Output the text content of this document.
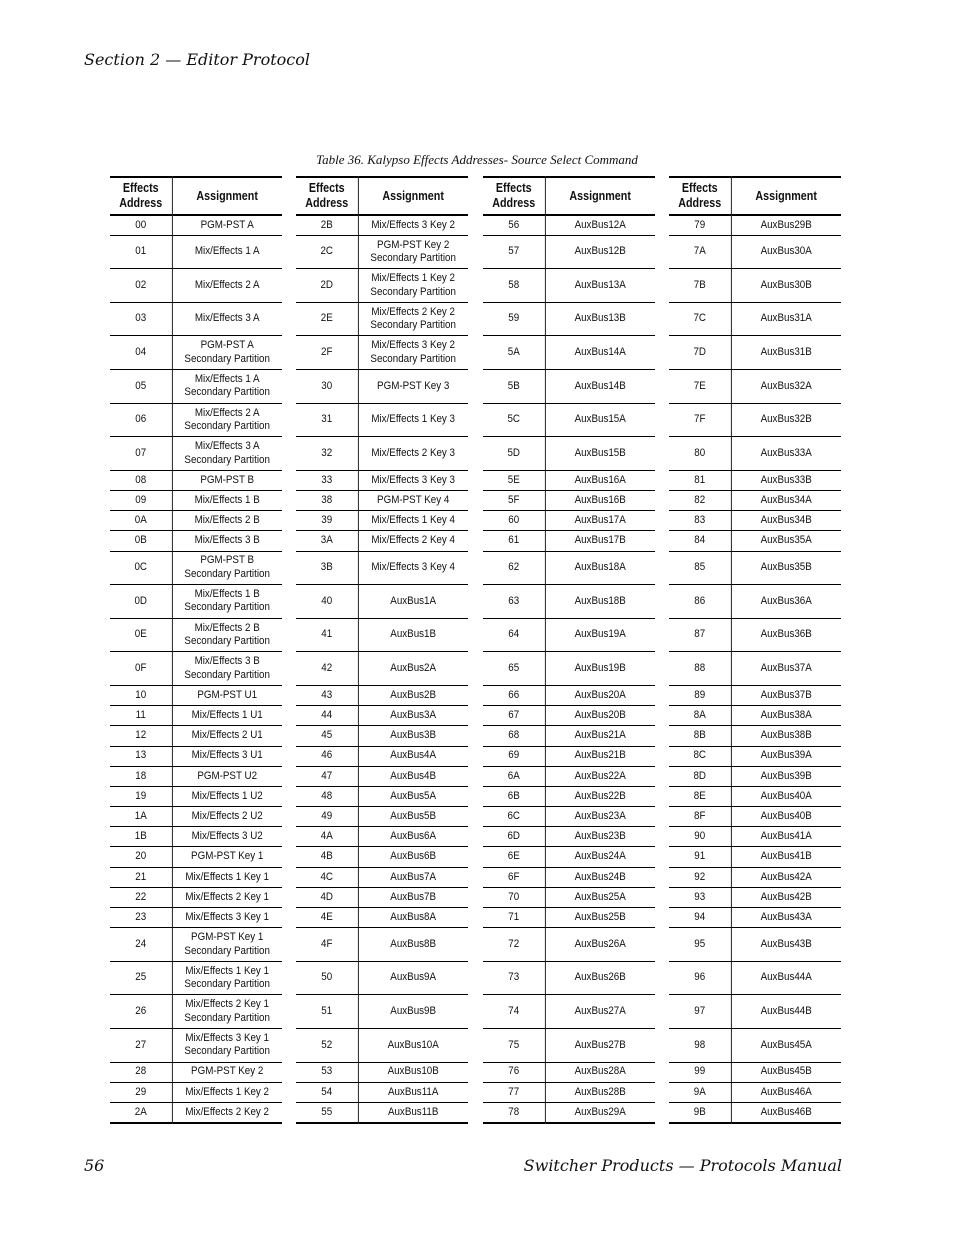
Section 2 — Editor Protocol
Table 36. Kalypso Effects Addresses- Source Select Command
Effects
Address	Assignment
00	PGM-PST A
01	Mix/Effects 1 A
02	Mix/Effects 2 A
03	Mix/Effects 3 A
04	PGM-PST A
Secondary Partition
05	Mix/Effects 1 A
Secondary Partition
06	Mix/Effects 2 A
Secondary Partition
07	Mix/Effects 3 A
Secondary Partition
08	PGM-PST B
09	Mix/Effects 1 B
0A	Mix/Effects 2 B
0B	Mix/Effects 3 B
0C	PGM-PST B
Secondary Partition
0D	Mix/Effects 1 B
Secondary Partition
0E	Mix/Effects 2 B
Secondary Partition
0F	Mix/Effects 3 B
Secondary Partition
10	PGM-PST U1
11	Mix/Effects 1 U1
12	Mix/Effects 2 U1
13	Mix/Effects 3 U1
18	PGM-PST U2
19	Mix/Effects 1 U2
1A	Mix/Effects 2 U2
1B	Mix/Effects 3 U2
20	PGM-PST Key 1
21	Mix/Effects 1 Key 1
22	Mix/Effects 2 Key 1
23	Mix/Effects 3 Key 1
24	PGM-PST Key 1
Secondary Partition
25	Mix/Effects 1 Key 1
Secondary Partition
26	Mix/Effects 2 Key 1
Secondary Partition
27	Mix/Effects 3 Key 1
Secondary Partition
28	PGM-PST Key 2
29	Mix/Effects 1 Key 2
2A	Mix/Effects 2 Key 2
Effects
Address	Assignment
2B	Mix/Effects 3 Key 2
2C	PGM-PST Key 2
Secondary Partition
2D	Mix/Effects 1 Key 2
Secondary Partition
2E	Mix/Effects 2 Key 2
Secondary Partition
2F	Mix/Effects 3 Key 2
Secondary Partition
30	PGM-PST Key 3
31	Mix/Effects 1 Key 3
32	Mix/Effects 2 Key 3
33	Mix/Effects 3 Key 3
38	PGM-PST Key 4
39	Mix/Effects 1 Key 4
3A	Mix/Effects 2 Key 4
3B	Mix/Effects 3 Key 4
40	AuxBus1A
41	AuxBus1B
42	AuxBus2A
43	AuxBus2B
44	AuxBus3A
45	AuxBus3B
46	AuxBus4A
47	AuxBus4B
48	AuxBus5A
49	AuxBus5B
4A	AuxBus6A
4B	AuxBus6B
4C	AuxBus7A
4D	AuxBus7B
4E	AuxBus8A
4F	AuxBus8B
50	AuxBus9A
51	AuxBus9B
52	AuxBus10A
53	AuxBus10B
54	AuxBus11A
55	AuxBus11B
Effects
Address	Assignment
56	AuxBus12A
57	AuxBus12B
58	AuxBus13A
59	AuxBus13B
5A	AuxBus14A
5B	AuxBus14B
5C	AuxBus15A
5D	AuxBus15B
5E	AuxBus16A
5F	AuxBus16B
60	AuxBus17A
61	AuxBus17B
62	AuxBus18A
63	AuxBus18B
64	AuxBus19A
65	AuxBus19B
66	AuxBus20A
67	AuxBus20B
68	AuxBus21A
69	AuxBus21B
6A	AuxBus22A
6B	AuxBus22B
6C	AuxBus23A
6D	AuxBus23B
6E	AuxBus24A
6F	AuxBus24B
70	AuxBus25A
71	AuxBus25B
72	AuxBus26A
73	AuxBus26B
74	AuxBus27A
75	AuxBus27B
76	AuxBus28A
77	AuxBus28B
78	AuxBus29A
Effects
Address	Assignment
79	AuxBus29B
7A	AuxBus30A
7B	AuxBus30B
7C	AuxBus31A
7D	AuxBus31B
7E	AuxBus32A
7F	AuxBus32B
80	AuxBus33A
81	AuxBus33B
82	AuxBus34A
83	AuxBus34B
84	AuxBus35A
85	AuxBus35B
86	AuxBus36A
87	AuxBus36B
88	AuxBus37A
89	AuxBus37B
8A	AuxBus38A
8B	AuxBus38B
8C	AuxBus39A
8D	AuxBus39B
8E	AuxBus40A
8F	AuxBus40B
90	AuxBus41A
91	AuxBus41B
92	AuxBus42A
93	AuxBus42B
94	AuxBus43A
95	AuxBus43B
96	AuxBus44A
97	AuxBus44B
98	AuxBus45A
99	AuxBus45B
9A	AuxBus46A
9B	AuxBus46B
56	Switcher Products — Protocols Manual
